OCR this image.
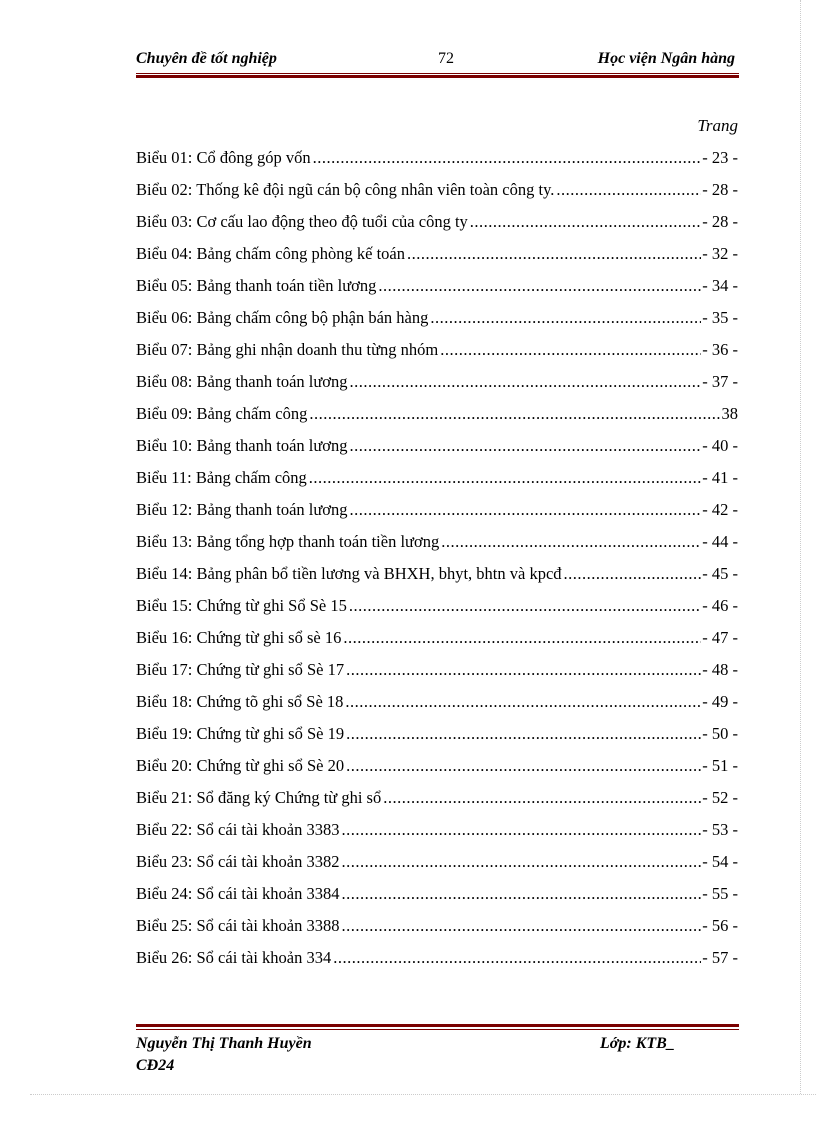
Chuyên đề tốt nghiệp	72	Học viện Ngân hàng
Trang
Biểu 01: Cổ đông góp vốn .....	- 23 -
Biểu 02: Thống kê đội ngũ cán bộ công nhân viên toàn công ty. .....	- 28 -
Biểu 03: Cơ cấu lao động theo độ tuổi của công ty .....	- 28 -
Biểu 04: Bảng chấm công phòng kế toán .....	- 32 -
Biểu 05: Bảng thanh toán tiền lương .....	- 34 -
Biểu 06: Bảng chấm công bộ phận bán hàng .....	- 35 -
Biểu 07: Bảng ghi nhận doanh thu từng nhóm .....	- 36 -
Biểu 08: Bảng thanh toán lương .....	- 37 -
Biểu 09: Bảng chấm công .....	38
Biểu 10: Bảng thanh toán lương .....	- 40 -
Biểu 11: Bảng chấm công .....	- 41 -
Biểu 12: Bảng thanh toán lương .....	- 42 -
Biểu 13: Bảng tổng hợp thanh toán tiền lương .....	- 44 -
Biểu 14: Bảng phân bổ tiền lương và BHXH, bhyt, bhtn và kpcđ .....	- 45 -
Biểu 15: Chứng từ ghi Sổ Sè 15 .....	- 46 -
Biểu 16: Chứng từ ghi sổ sè 16 .....	- 47 -
Biểu 17: Chứng từ ghi sổ Sè 17 .....	- 48 -
Biểu 18: Chứng tõ ghi sổ Sè 18 .....	- 49 -
Biểu 19: Chứng từ ghi sổ Sè 19 .....	- 50 -
Biểu 20: Chứng từ ghi sổ Sè 20 .....	- 51 -
Biểu 21: Sổ đăng ký Chứng từ ghi sổ .....	- 52 -
Biểu 22: Sổ cái tài khoản 3383 .....	- 53 -
Biểu 23: Sổ cái tài khoản 3382 .....	- 54 -
Biểu 24: Sổ cái tài khoản 3384 .....	- 55 -
Biểu 25: Sổ cái tài khoản 3388 .....	- 56 -
Biểu 26: Sổ cái tài khoản 334 .....	- 57 -
Nguyễn Thị Thanh Huyền	Lớp: KTB_
CĐ24
